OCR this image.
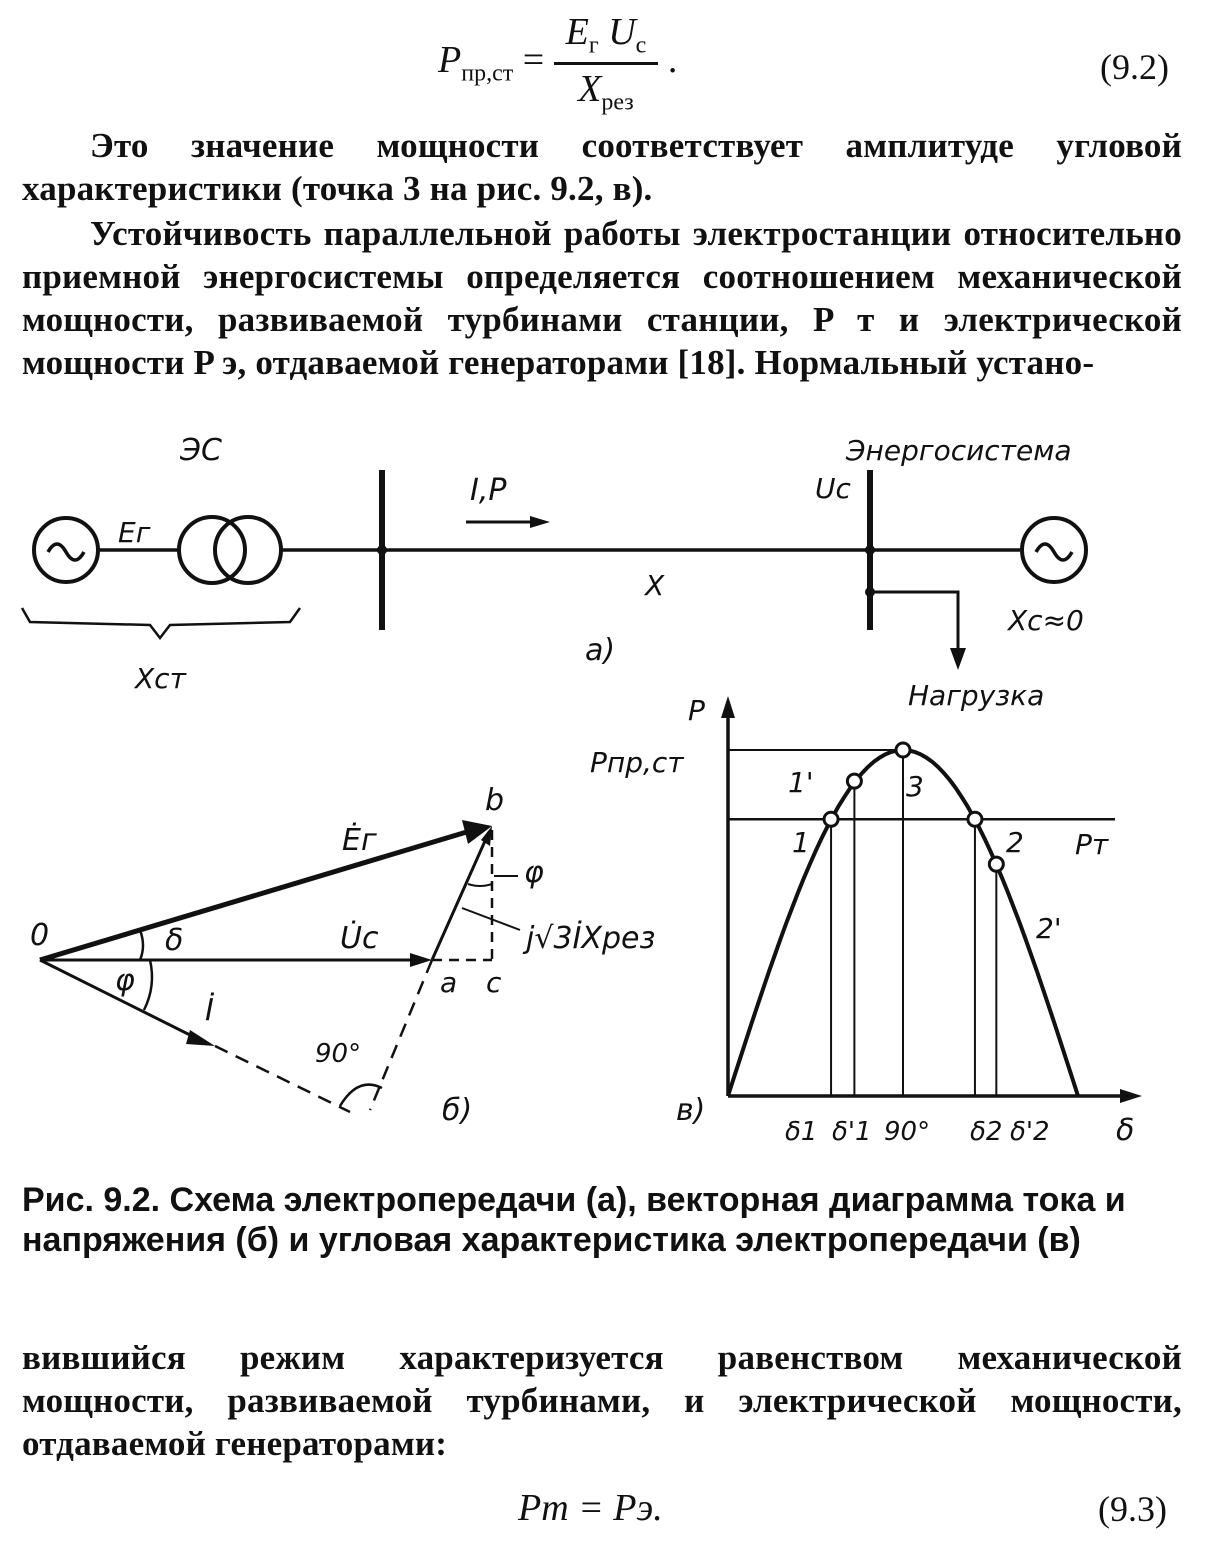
$P_{пр,ст} = \frac{E_г U_с}{X_{рез}}$ .	(9.2)
Это значение мощности соответствует амплитуде угловой характеристики (точка 3 на рис. 9.2, в).
Устойчивость параллельной работы электростанции относительно приемной энергосистемы определяется соотношением механической мощности, развиваемой турбинами станции, P т и электрической мощности P э, отдаваемой генераторами [18]. Нормальный устано-
ЭС
Eг
I,P	Uc
Энергосистема
X
Xc≈0
Xст
Нагрузка
а)
0
b
a c
Ėг
U̇c
İ
δ
φ
φ
j√3İXрез
90°
б)
P
δ
Pпр,ст
Pт
1
1'	3
2
2'
δ1 δ'1 90° δ2 δ'2
в)
Рис. 9.2. Схема электропередачи (а), векторная диаграмма тока и напряжения (б) и угловая характеристика электропередачи (в)
вившийся режим характеризуется равенством механической мощности, развиваемой турбинами, и электрической мощности, отдаваемой генераторами:
Pт = Pэ.	(9.3)
